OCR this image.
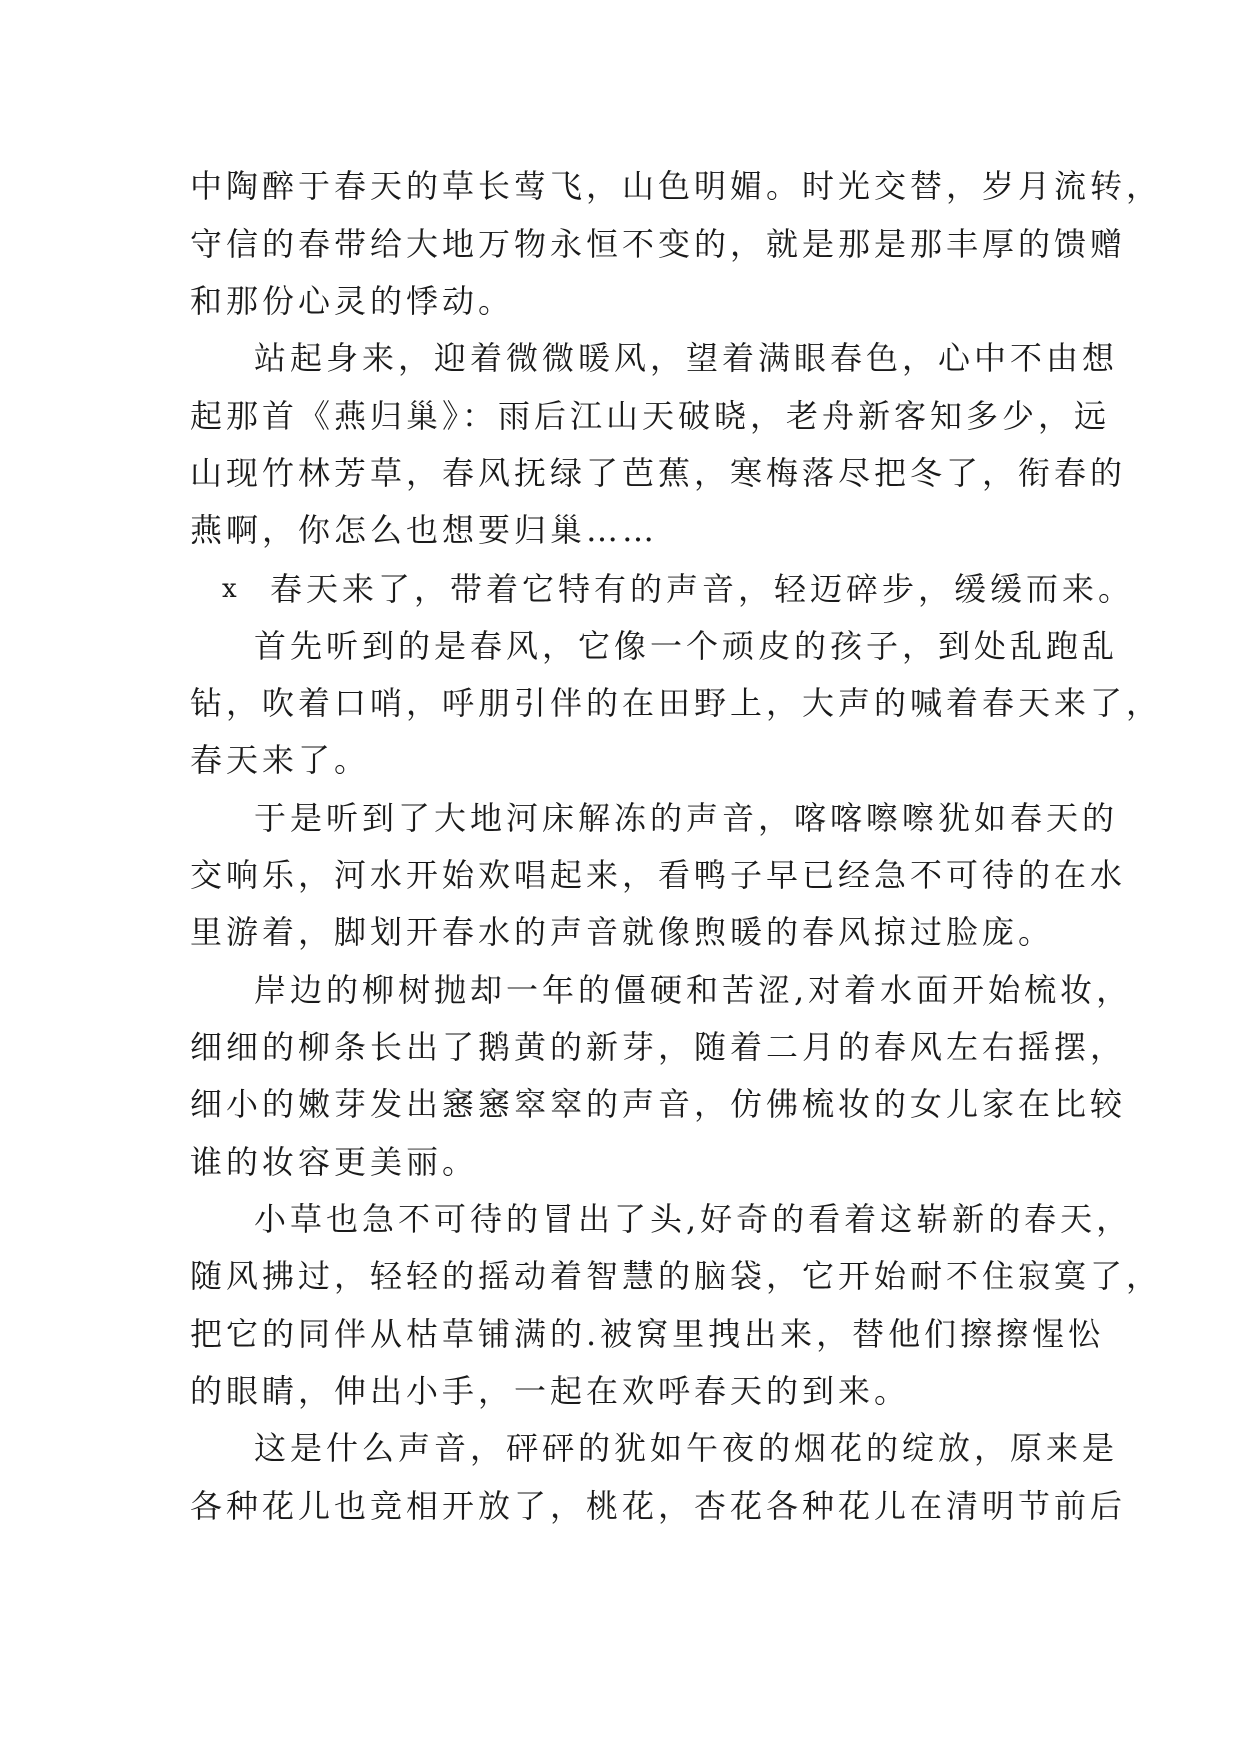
中陶醉于春天的草长莺飞，山色明媚。时光交替，岁月流转，
守信的春带给大地万物永恒不变的，就是那是那丰厚的馈赠
和那份心灵的悸动。
站起身来，迎着微微暖风，望着满眼春色，心中不由想
起那首《燕归巢》：雨后江山天破晓，老舟新客知多少，远
山现竹林芳草，春风抚绿了芭蕉，寒梅落尽把冬了，衔春的
燕啊，你怎么也想要归巢……
x 春天来了，带着它特有的声音，轻迈碎步，缓缓而来。
首先听到的是春风，它像一个顽皮的孩子，到处乱跑乱
钻，吹着口哨，呼朋引伴的在田野上，大声的喊着春天来了，
春天来了。
于是听到了大地河床解冻的声音，喀喀嚓嚓犹如春天的
交响乐，河水开始欢唱起来，看鸭子早已经急不可待的在水
里游着，脚划开春水的声音就像煦暖的春风掠过脸庞。
岸边的柳树抛却一年的僵硬和苦涩,对着水面开始梳妆，
细细的柳条长出了鹅黄的新芽，随着二月的春风左右摇摆，
细小的嫩芽发出窸窸窣窣的声音，仿佛梳妆的女儿家在比较
谁的妆容更美丽。
小草也急不可待的冒出了头,好奇的看着这崭新的春天，
随风拂过，轻轻的摇动着智慧的脑袋，它开始耐不住寂寞了，
把它的同伴从枯草铺满的.被窝里拽出来，替他们擦擦惺忪
的眼睛，伸出小手，一起在欢呼春天的到来。
这是什么声音，砰砰的犹如午夜的烟花的绽放，原来是
各种花儿也竞相开放了，桃花，杏花各种花儿在清明节前后
